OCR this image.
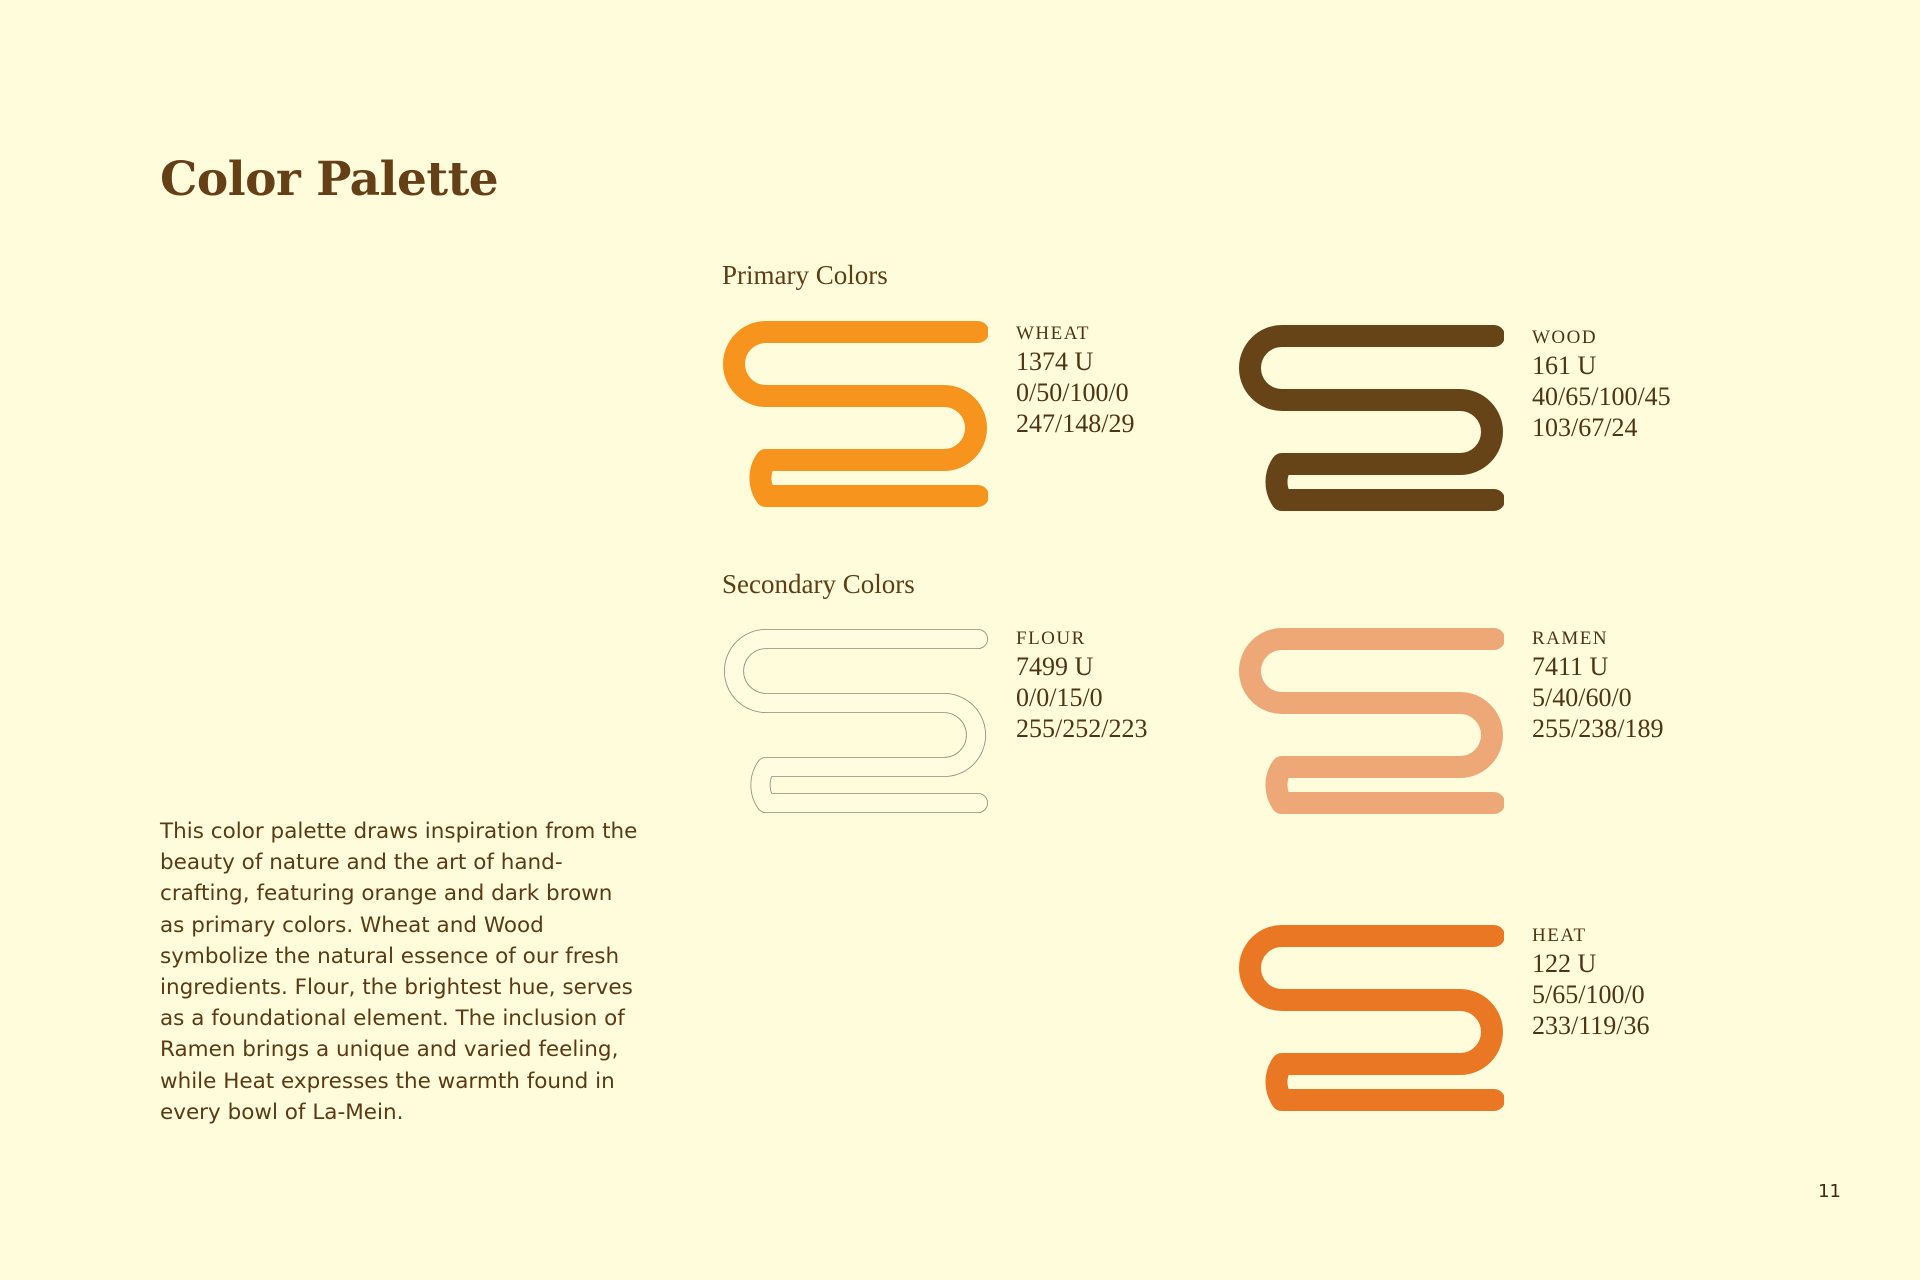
Color Palette
Primary Colors
Secondary Colors
WHEAT
1374 U
0/50/100/0
247/148/29
WOOD
161 U
40/65/100/45
103/67/24
FLOUR
7499 U
0/0/15/0
255/252/223
RAMEN
7411 U
5/40/60/0
255/238/189
HEAT
122 U
5/65/100/0
233/119/36

This color palette draws inspiration from the beauty of nature and the art of hand-crafting, featuring orange and dark brown as primary colors. Wheat and Wood symbolize the natural essence of our fresh ingredients. Flour, the brightest hue, serves as a foundational element. The inclusion of Ramen brings a unique and varied feeling, while Heat expresses the warmth found in every bowl of La-Mein.

11
